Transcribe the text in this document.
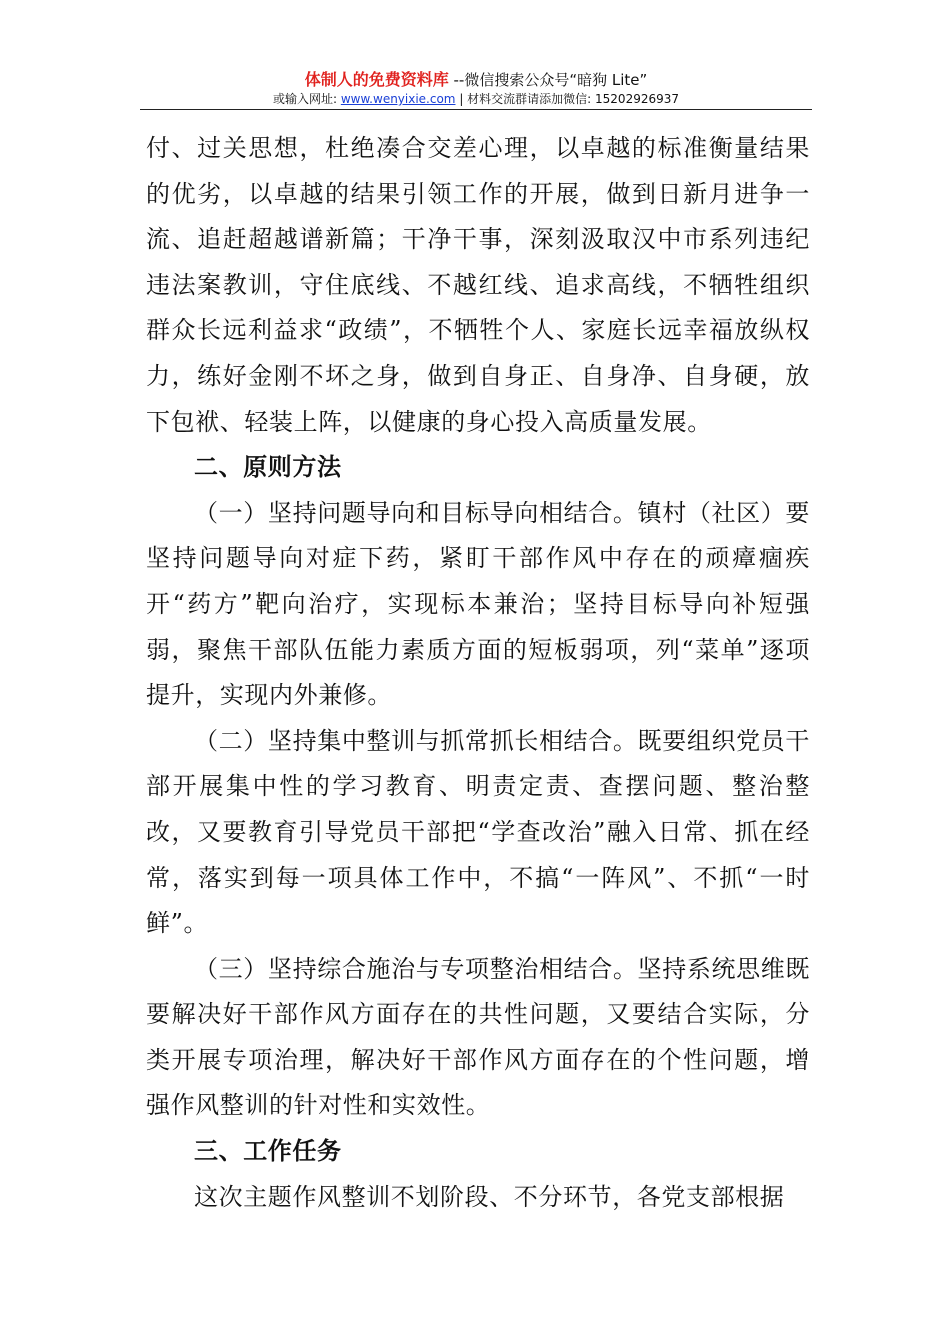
体制人的免费资料库 --微信搜索公众号“暗狗 Lite”
或输入网址: www.wenyixie.com | 材料交流群请添加微信: 15202926937

付、过关思想，杜绝凑合交差心理，以卓越的标准衡量结果的优劣，以卓越的结果引领工作的开展，做到日新月进争一流、追赶超越谱新篇；干净干事，深刻汲取汉中市系列违纪违法案教训，守住底线、不越红线、追求高线，不牺牲组织群众长远利益求“政绩”，不牺牲个人、家庭长远幸福放纵权力，练好金刚不坏之身，做到自身正、自身净、自身硬，放下包袱、轻装上阵，以健康的身心投入高质量发展。

二、原则方法

（一）坚持问题导向和目标导向相结合。镇村（社区）要坚持问题导向对症下药，紧盯干部作风中存在的顽瘴痼疾开“药方”靶向治疗，实现标本兼治；坚持目标导向补短强弱，聚焦干部队伍能力素质方面的短板弱项，列“菜单”逐项提升，实现内外兼修。

（二）坚持集中整训与抓常抓长相结合。既要组织党员干部开展集中性的学习教育、明责定责、查摆问题、整治整改，又要教育引导党员干部把“学查改治”融入日常、抓在经常，落实到每一项具体工作中，不搞“一阵风”、不抓“一时鲜”。

（三）坚持综合施治与专项整治相结合。坚持系统思维既要解决好干部作风方面存在的共性问题，又要结合实际，分类开展专项治理，解决好干部作风方面存在的个性问题，增强作风整训的针对性和实效性。

三、工作任务

这次主题作风整训不划阶段、不分环节，各党支部根据
